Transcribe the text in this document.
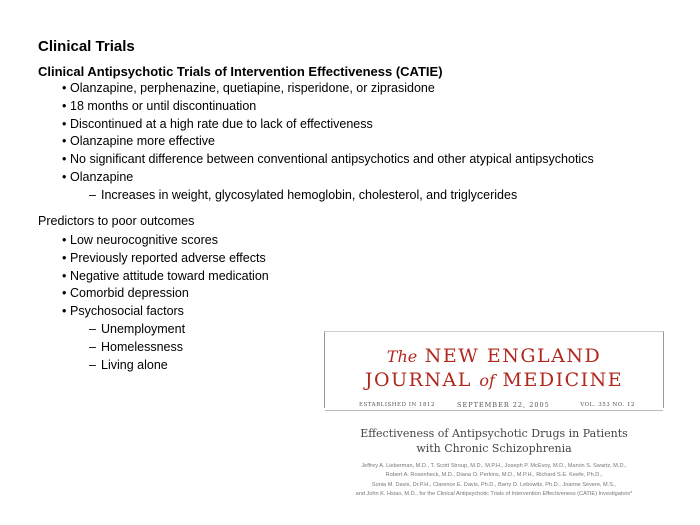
Clinical Trials
Clinical Antipsychotic Trials of Intervention Effectiveness (CATIE)
• Olanzapine, perphenazine, quetiapine, risperidone, or ziprasidone
• 18 months or until discontinuation
• Discontinued at a high rate due to lack of effectiveness
• Olanzapine more effective
• No significant difference between conventional antipsychotics and other atypical antipsychotics
• Olanzapine
– Increases in weight, glycosylated hemoglobin, cholesterol, and triglycerides
Predictors to poor outcomes
• Low neurocognitive scores
• Previously reported adverse effects
• Negative attitude toward medication
• Comorbid depression
• Psychosocial factors
– Unemployment
– Homelessness
– Living alone	The NEW ENGLAND
JOURNAL of MEDICINE
ESTABLISHED IN 1812	SEPTEMBER 22, 2005	VOL. 353 NO. 12
Effectiveness of Antipsychotic Drugs in Patients
with Chronic Schizophrenia
Jeffrey A. Lieberman, M.D., T. Scott Stroup, M.D., M.P.H., Joseph P. McEvoy, M.D., Marvin S. Swartz, M.D.,
Robert A. Rosenheck, M.D., Diana O. Perkins, M.D., M.P.H., Richard S.E. Keefe, Ph.D.,
Sonia M. Davis, Dr.P.H., Clarence E. Davis, Ph.D., Barry D. Lebowitz, Ph.D., Joanne Severe, M.S.,
and John K. Hsiao, M.D., for the Clinical Antipsychotic Trials of Intervention Effectiveness (CATIE) Investigators*
